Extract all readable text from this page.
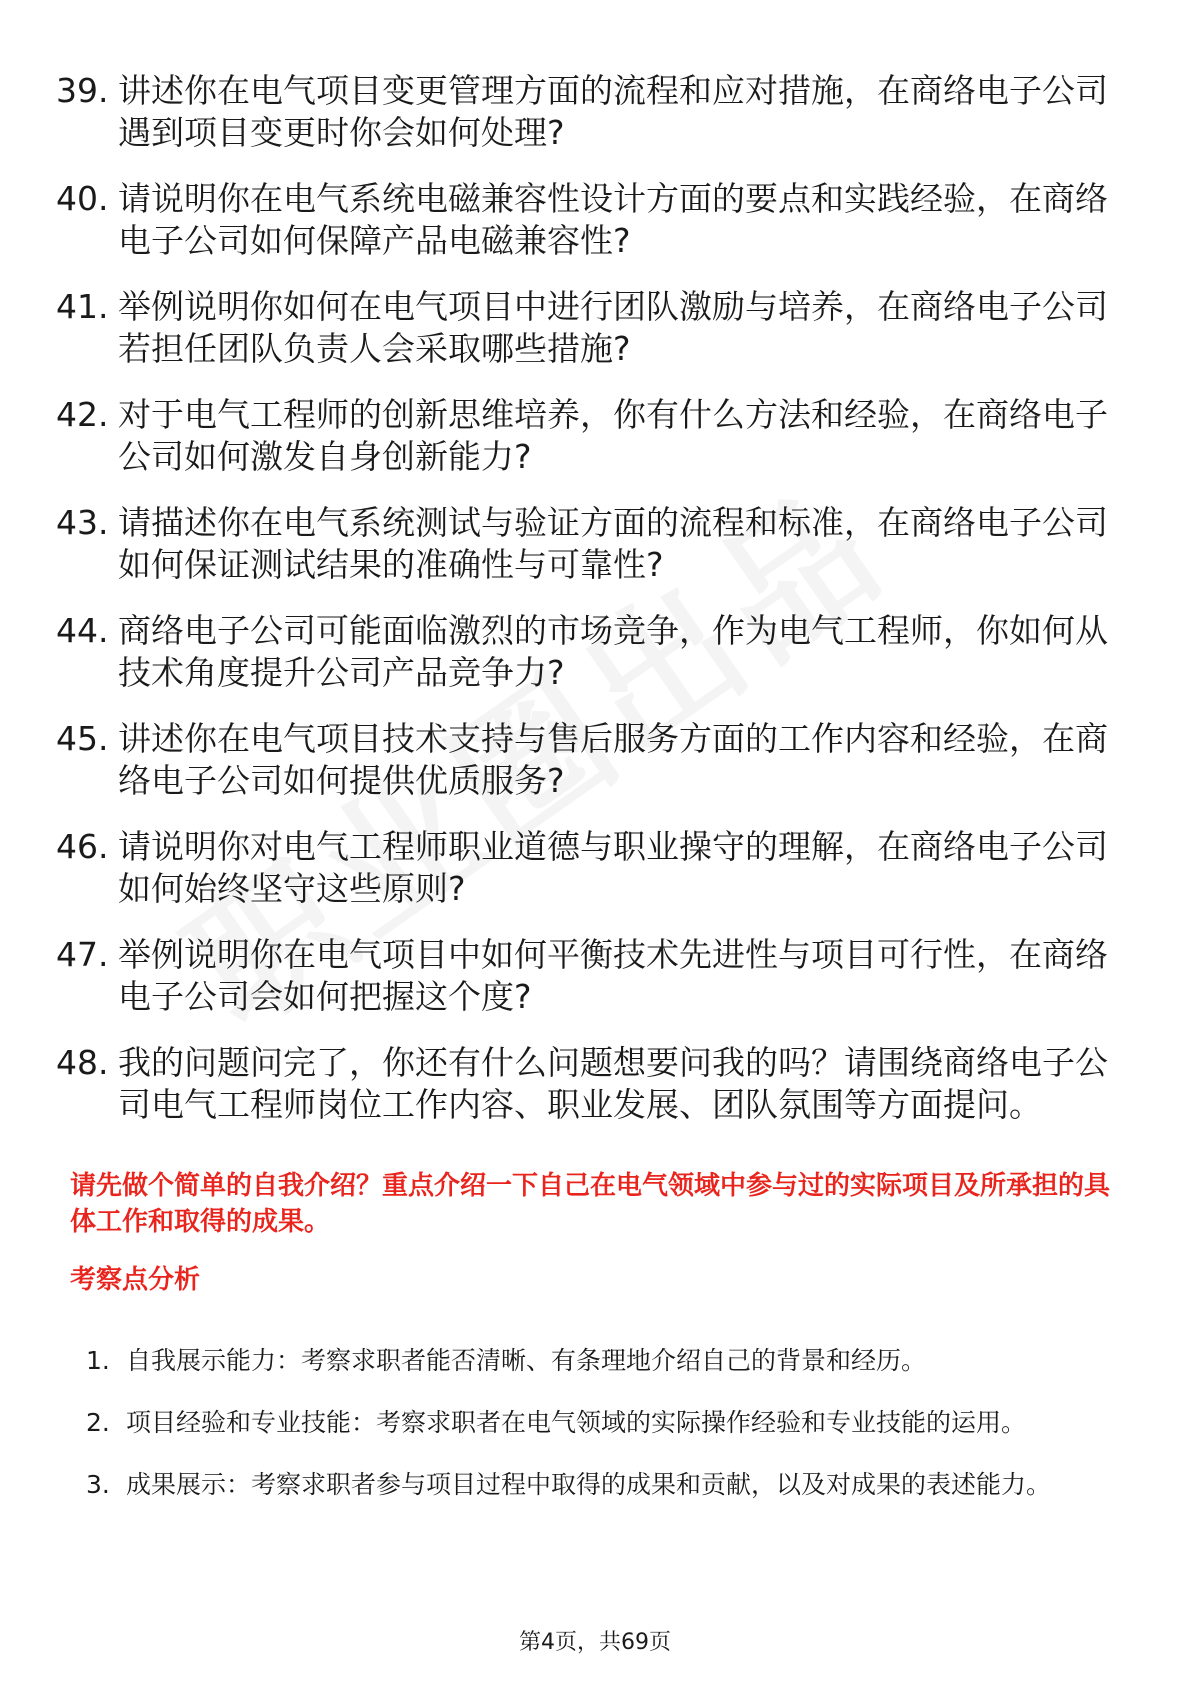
39. 讲述你在电气项目变更管理方面的流程和应对措施，在商络电子公司遇到项目变更时你会如何处理?
40. 请说明你在电气系统电磁兼容性设计方面的要点和实践经验，在商络电子公司如何保障产品电磁兼容性?
41. 举例说明你如何在电气项目中进行团队激励与培养，在商络电子公司若担任团队负责人会采取哪些措施?
42. 对于电气工程师的创新思维培养，你有什么方法和经验，在商络电子公司如何激发自身创新能力?
43. 请描述你在电气系统测试与验证方面的流程和标准，在商络电子公司如何保证测试结果的准确性与可靠性?
44. 商络电子公司可能面临激烈的市场竞争，作为电气工程师，你如何从技术角度提升公司产品竞争力?
45. 讲述你在电气项目技术支持与售后服务方面的工作内容和经验，在商络电子公司如何提供优质服务?
46. 请说明你对电气工程师职业道德与职业操守的理解，在商络电子公司如何始终坚守这些原则?
47. 举例说明你在电气项目中如何平衡技术先进性与项目可行性，在商络电子公司会如何把握这个度?
48. 我的问题问完了，你还有什么问题想要问我的吗？请围绕商络电子公司电气工程师岗位工作内容、职业发展、团队氛围等方面提问。

请先做个简单的自我介绍？重点介绍一下自己在电气领域中参与过的实际项目及所承担的具体工作和取得的成果。

考察点分析
1. 自我展示能力：考察求职者能否清晰、有条理地介绍自己的背景和经历。
2. 项目经验和专业技能：考察求职者在电气领域的实际操作经验和专业技能的运用。
3. 成果展示：考察求职者参与项目过程中取得的成果和贡献，以及对成果的表述能力。
第4页，共69页
